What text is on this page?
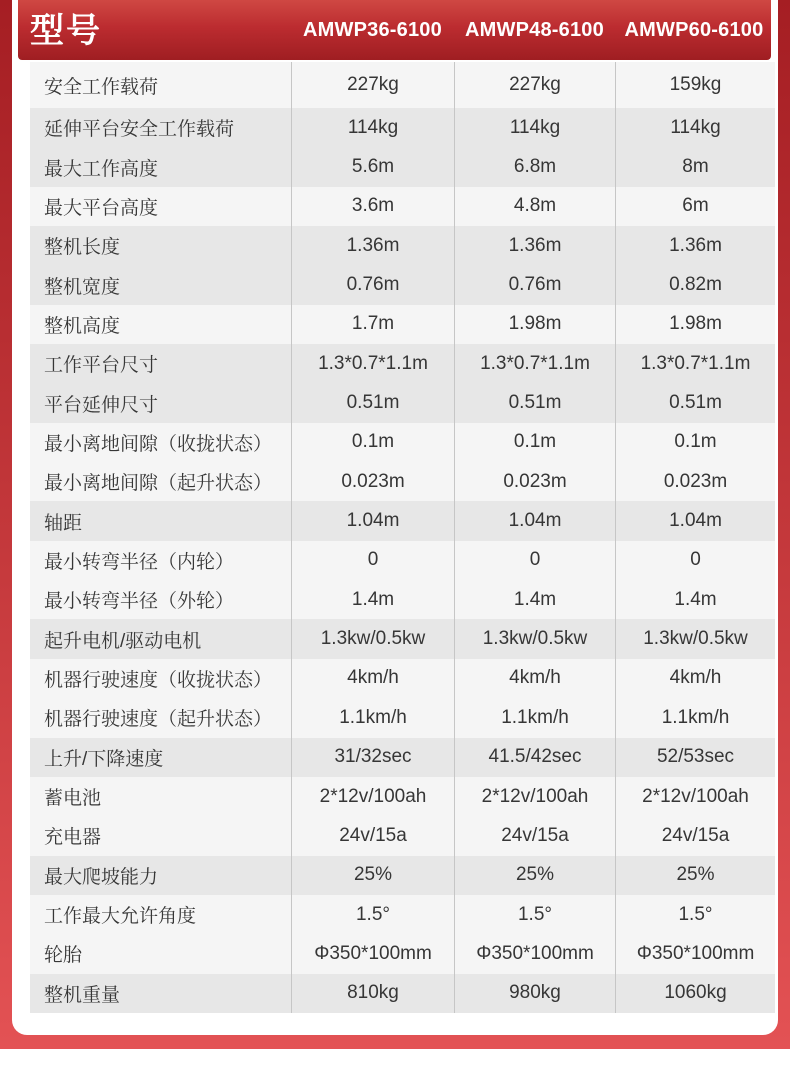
型号	AMWP36-6100	AMWP48-6100	AMWP60-6100
安全工作载荷	227kg	227kg	159kg
延伸平台安全工作载荷	114kg	114kg	114kg
最大工作高度	5.6m	6.8m	8m
最大平台高度	3.6m	4.8m	6m
整机长度	1.36m	1.36m	1.36m
整机宽度	0.76m	0.76m	0.82m
整机高度	1.7m	1.98m	1.98m
工作平台尺寸	1.3*0.7*1.1m	1.3*0.7*1.1m	1.3*0.7*1.1m
平台延伸尺寸	0.51m	0.51m	0.51m
最小离地间隙（收拢状态）	0.1m	0.1m	0.1m
最小离地间隙（起升状态）	0.023m	0.023m	0.023m
轴距	1.04m	1.04m	1.04m
最小转弯半径（内轮）	0	0	0
最小转弯半径（外轮）	1.4m	1.4m	1.4m
起升电机/驱动电机	1.3kw/0.5kw	1.3kw/0.5kw	1.3kw/0.5kw
机器行驶速度（收拢状态）	4km/h	4km/h	4km/h
机器行驶速度（起升状态）	1.1km/h	1.1km/h	1.1km/h
上升/下降速度	31/32sec	41.5/42sec	52/53sec
蓄电池	2*12v/100ah	2*12v/100ah	2*12v/100ah
充电器	24v/15a	24v/15a	24v/15a
最大爬坡能力	25%	25%	25%
工作最大允许角度	1.5°	1.5°	1.5°
轮胎	Φ350*100mm	Φ350*100mm	Φ350*100mm
整机重量	810kg	980kg	1060kg
